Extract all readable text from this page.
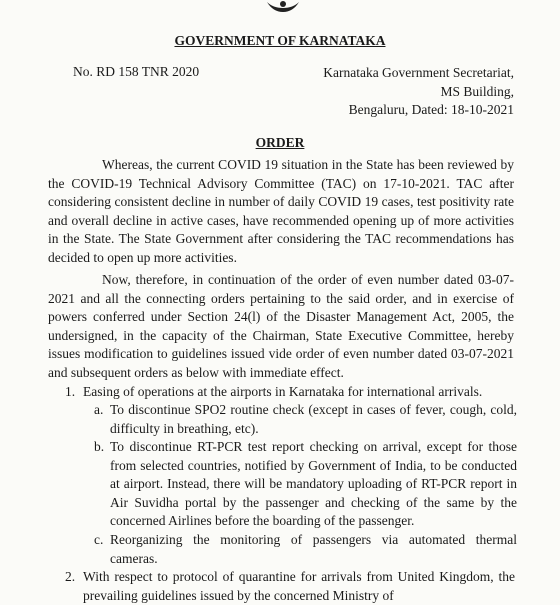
GOVERNMENT OF KARNATAKA
No. RD 158 TNR 2020	Karnataka Government Secretariat,
MS Building,
Bengaluru, Dated: 18-10-2021
ORDER
Whereas, the current COVID 19 situation in the State has been reviewed by the COVID-19 Technical Advisory Committee (TAC) on 17-10-2021. TAC after considering consistent decline in number of daily COVID 19 cases, test positivity rate and overall decline in active cases, have recommended opening up of more activities in the State. The State Government after considering the TAC recommendations has decided to open up more activities.
Now, therefore, in continuation of the order of even number dated 03-07-2021 and all the connecting orders pertaining to the said order, and in exercise of powers conferred under Section 24(l) of the Disaster Management Act, 2005, the undersigned, in the capacity of the Chairman, State Executive Committee, hereby issues modification to guidelines issued vide order of even number dated 03-07-2021 and subsequent orders as below with immediate effect.
1. Easing of operations at the airports in Karnataka for international arrivals.
a. To discontinue SPO2 routine check (except in cases of fever, cough, cold, difficulty in breathing, etc).
b. To discontinue RT-PCR test report checking on arrival, except for those from selected countries, notified by Government of India, to be conducted at airport. Instead, there will be mandatory uploading of RT-PCR report in Air Suvidha portal by the passenger and checking of the same by the concerned Airlines before the boarding of the passenger.
c. Reorganizing the monitoring of passengers via automated thermal cameras.
2. With respect to protocol of quarantine for arrivals from United Kingdom, the prevailing guidelines issued by the concerned Ministry of
